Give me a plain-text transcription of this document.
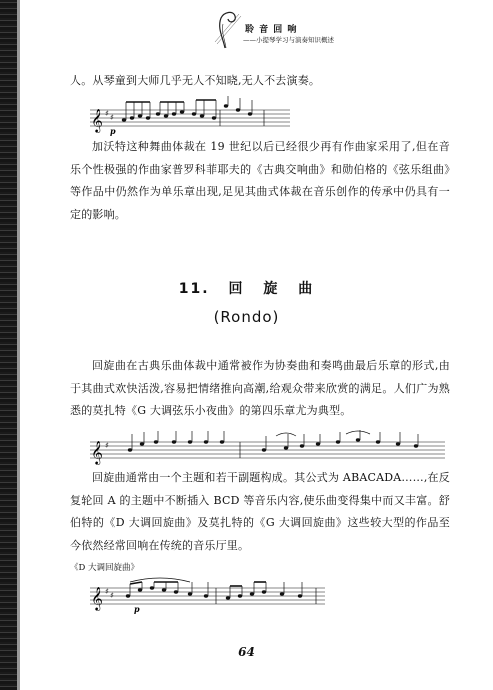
聆 音 回 响
——小提琴学习与演奏知识概述

人。从琴童到大师几乎无人不知晓,无人不去演奏。

𝄞 ♯ ♯
p

加沃特这种舞曲体裁在 19 世纪以后已经很少再有作曲家采用了,但在音乐个性极强的作曲家普罗科菲耶夫的《古典交响曲》和勋伯格的《弦乐组曲》等作品中仍然作为单乐章出现,足见其曲式体裁在音乐创作的传承中仍具有一定的影响。

11. 回 旋 曲
(Rondo)

回旋曲在古典乐曲体裁中通常被作为协奏曲和奏鸣曲最后乐章的形式,由于其曲式欢快活泼,容易把情绪推向高潮,给观众带来欣赏的满足。人们广为熟悉的莫扎特《G 大调弦乐小夜曲》的第四乐章尤为典型。

𝄞 ♯

回旋曲通常由一个主题和若干副题构成。其公式为 ABACADA……,在反复轮回 A 的主题中不断插入 BCD 等音乐内容,使乐曲变得集中而又丰富。舒伯特的《D 大调回旋曲》及莫扎特的《G 大调回旋曲》这些较大型的作品至今依然经常回响在传统的音乐厅里。

《D 大调回旋曲》
𝄞 ♯ ♯
p
64
